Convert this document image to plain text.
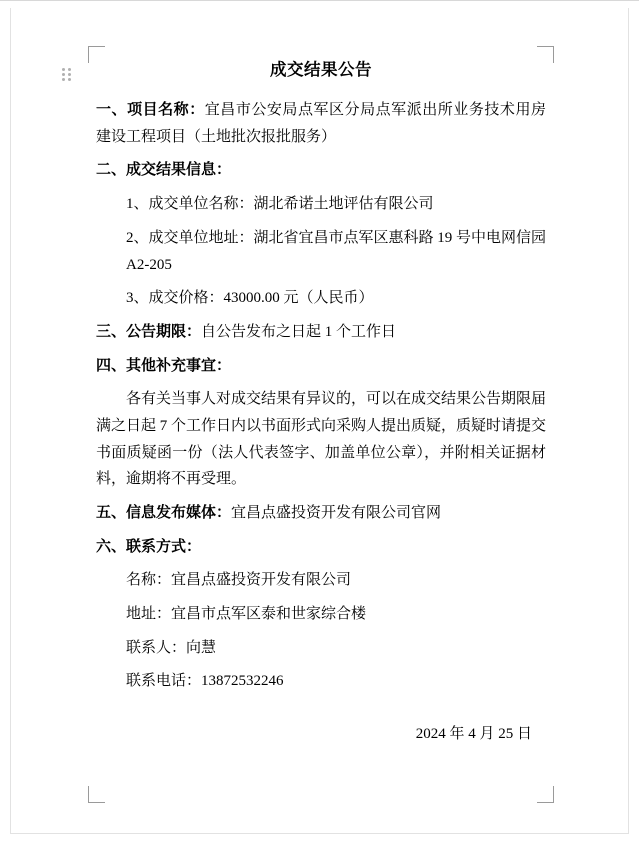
成交结果公告

一、项目名称：宜昌市公安局点军区分局点军派出所业务技术用房建设工程项目（土地批次报批服务）

二、成交结果信息：

1、成交单位名称：湖北希诺土地评估有限公司

2、成交单位地址：湖北省宜昌市点军区惠科路 19 号中电网信园A2-205

3、成交价格：43000.00 元（人民币）

三、公告期限：自公告发布之日起 1 个工作日

四、其他补充事宜：

各有关当事人对成交结果有异议的，可以在成交结果公告期限届满之日起 7 个工作日内以书面形式向采购人提出质疑，质疑时请提交书面质疑函一份（法人代表签字、加盖单位公章），并附相关证据材料，逾期将不再受理。

五、信息发布媒体：宜昌点盛投资开发有限公司官网

六、联系方式：

名称：宜昌点盛投资开发有限公司

地址：宜昌市点军区泰和世家综合楼

联系人：向慧

联系电话：13872532246

2024 年 4 月 25 日
